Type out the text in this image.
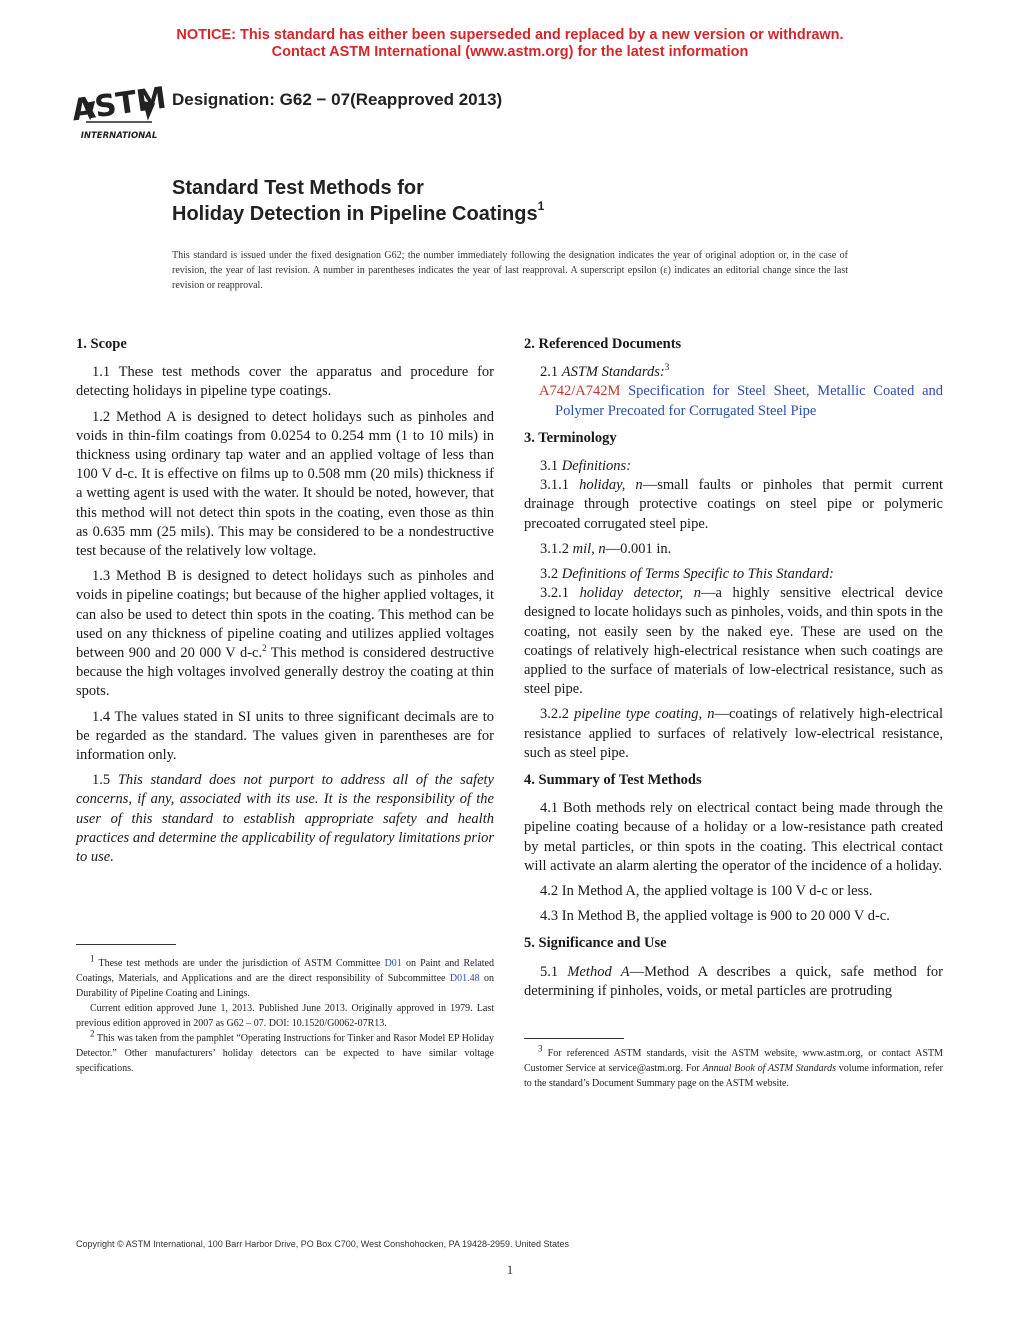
NOTICE: This standard has either been superseded and replaced by a new version or withdrawn.
Contact ASTM International (www.astm.org) for the latest information
ASTM
INTERNATIONAL
Designation: G62 − 07(Reapproved 2013)
Standard Test Methods for
Holiday Detection in Pipeline Coatings$^1$
This standard is issued under the fixed designation G62; the number immediately following the designation indicates the year of original adoption or, in the case of revision, the year of last revision. A number in parentheses indicates the year of last reapproval. A superscript epsilon (ε) indicates an editorial change since the last revision or reapproval.
1. Scope

1.1 These test methods cover the apparatus and procedure for detecting holidays in pipeline type coatings.

1.2 Method A is designed to detect holidays such as pinholes and voids in thin-film coatings from 0.0254 to 0.254 mm (1 to 10 mils) in thickness using ordinary tap water and an applied voltage of less than 100 V d-c. It is effective on films up to 0.508 mm (20 mils) thickness if a wetting agent is used with the water. It should be noted, however, that this method will not detect thin spots in the coating, even those as thin as 0.635 mm (25 mils). This may be considered to be a nondestructive test because of the relatively low voltage.

1.3 Method B is designed to detect holidays such as pinholes and voids in pipeline coatings; but because of the higher applied voltages, it can also be used to detect thin spots in the coating. This method can be used on any thickness of pipeline coating and utilizes applied voltages between 900 and 20 000 V d-c.$^2$ This method is considered destructive because the high voltages involved generally destroy the coating at thin spots.

1.4 The values stated in SI units to three significant decimals are to be regarded as the standard. The values given in parentheses are for information only.

1.5 This standard does not purport to address all of the safety concerns, if any, associated with its use. It is the responsibility of the user of this standard to establish appropriate safety and health practices and determine the applicability of regulatory limitations prior to use.

$^1$ These test methods are under the jurisdiction of ASTM Committee D01 on Paint and Related Coatings, Materials, and Applications and are the direct responsibility of Subcommittee D01.48 on Durability of Pipeline Coating and Linings.

Current edition approved June 1, 2013. Published June 2013. Originally approved in 1979. Last previous edition approved in 2007 as G62 – 07. DOI: 10.1520/G0062-07R13.

$^2$ This was taken from the pamphlet “Operating Instructions for Tinker and Rasor Model EP Holiday Detector.” Other manufacturers’ holiday detectors can be expected to have similar voltage specifications.

2. Referenced Documents

2.1 ASTM Standards:$^3$

A742/A742M Specification for Steel Sheet, Metallic Coated and Polymer Precoated for Corrugated Steel Pipe

3. Terminology

3.1 Definitions:

3.1.1 holiday, n—small faults or pinholes that permit current drainage through protective coatings on steel pipe or polymeric precoated corrugated steel pipe.

3.1.2 mil, n—0.001 in.

3.2 Definitions of Terms Specific to This Standard:

3.2.1 holiday detector, n—a highly sensitive electrical device designed to locate holidays such as pinholes, voids, and thin spots in the coating, not easily seen by the naked eye. These are used on the coatings of relatively high-electrical resistance when such coatings are applied to the surface of materials of low-electrical resistance, such as steel pipe.

3.2.2 pipeline type coating, n—coatings of relatively high-electrical resistance applied to surfaces of relatively low-electrical resistance, such as steel pipe.

4. Summary of Test Methods

4.1 Both methods rely on electrical contact being made through the pipeline coating because of a holiday or a low-resistance path created by metal particles, or thin spots in the coating. This electrical contact will activate an alarm alerting the operator of the incidence of a holiday.

4.2 In Method A, the applied voltage is 100 V d-c or less.

4.3 In Method B, the applied voltage is 900 to 20 000 V d-c.

5. Significance and Use

5.1 Method A—Method A describes a quick, safe method for determining if pinholes, voids, or metal particles are protruding

$^3$ For referenced ASTM standards, visit the ASTM website, www.astm.org, or contact ASTM Customer Service at service@astm.org. For Annual Book of ASTM Standards volume information, refer to the standard’s Document Summary page on the ASTM website.

Copyright © ASTM International, 100 Barr Harbor Drive, PO Box C700, West Conshohocken, PA 19428-2959. United States
1
